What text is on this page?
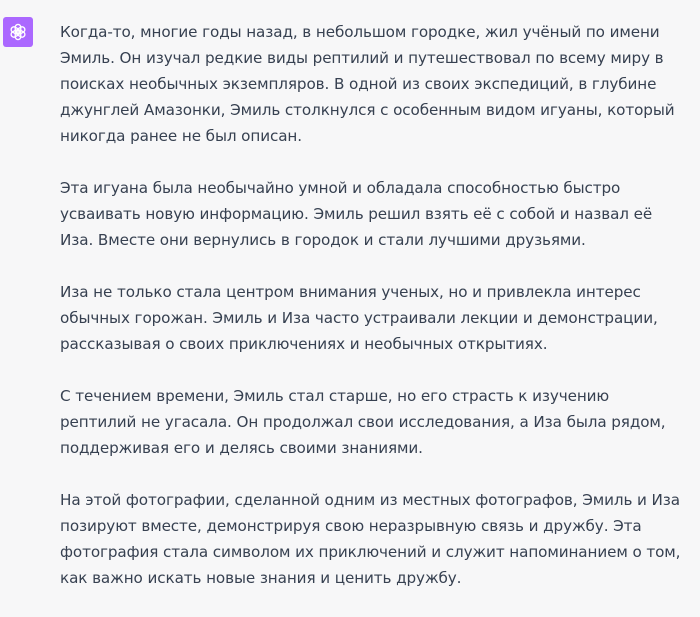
Когда-то, многие годы назад, в небольшом городке, жил учёный по имени Эмиль. Он изучал редкие виды рептилий и путешествовал по всему миру в поисках необычных экземпляров. В одной из своих экспедиций, в глубине джунглей Амазонки, Эмиль столкнулся с особенным видом игуаны, который никогда ранее не был описан.

Эта игуана была необычайно умной и обладала способностью быстро усваивать новую информацию. Эмиль решил взять её с собой и назвал её Иза. Вместе они вернулись в городок и стали лучшими друзьями.

Иза не только стала центром внимания ученых, но и привлекла интерес обычных горожан. Эмиль и Иза часто устраивали лекции и демонстрации, рассказывая о своих приключениях и необычных открытиях.

С течением времени, Эмиль стал старше, но его страсть к изучению рептилий не угасала. Он продолжал свои исследования, а Иза была рядом, поддерживая его и делясь своими знаниями.

На этой фотографии, сделанной одним из местных фотографов, Эмиль и Иза позируют вместе, демонстрируя свою неразрывную связь и дружбу. Эта фотография стала символом их приключений и служит напоминанием о том, как важно искать новые знания и ценить дружбу.
